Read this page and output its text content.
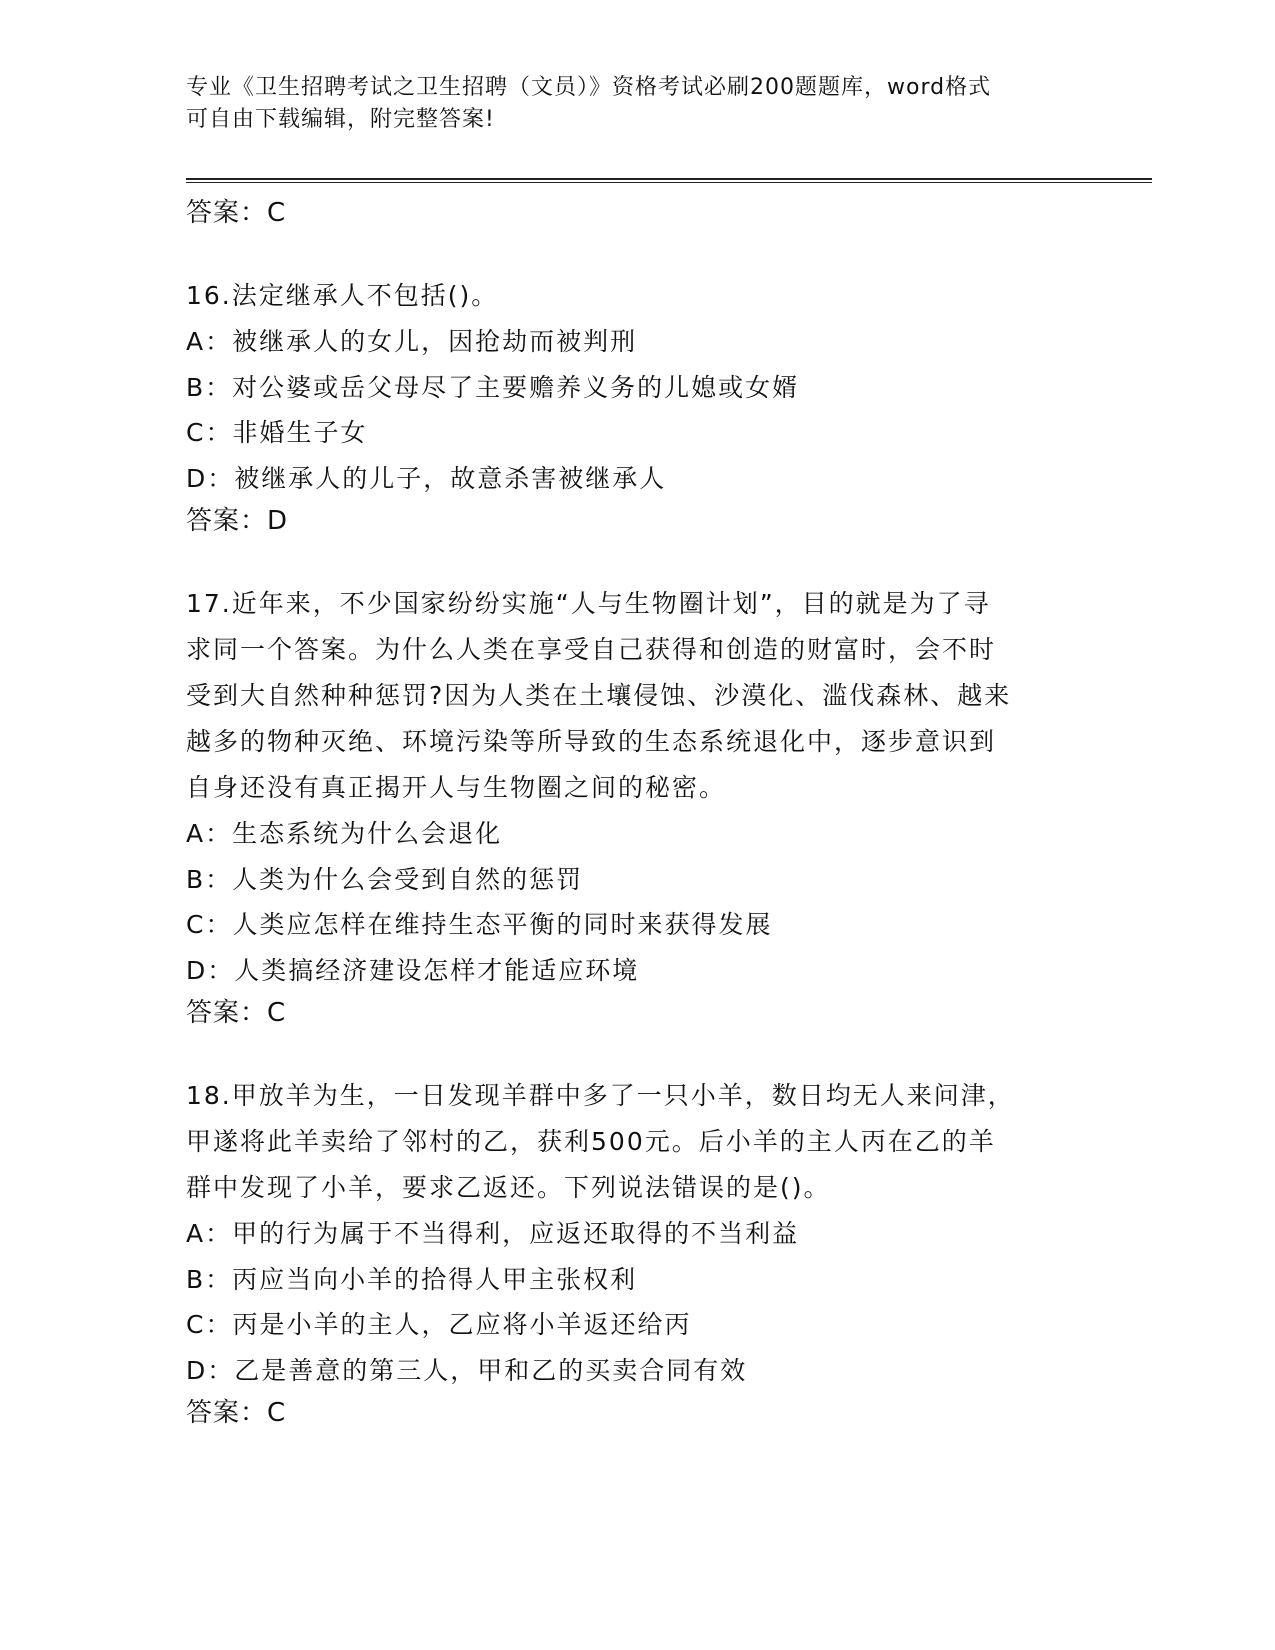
专业《卫生招聘考试之卫生招聘（文员）》资格考试必刷200题题库，word格式
可自由下载编辑，附完整答案!

答案：C

16.法定继承人不包括()。

A：被继承人的女儿，因抢劫而被判刑

B：对公婆或岳父母尽了主要赡养义务的儿媳或女婿

C：非婚生子女

D：被继承人的儿子，故意杀害被继承人

答案：D

17.近年来，不少国家纷纷实施“人与生物圈计划”，目的就是为了寻

求同一个答案。为什么人类在享受自己获得和创造的财富时，会不时

受到大自然种种惩罚?因为人类在土壤侵蚀、沙漠化、滥伐森林、越来

越多的物种灭绝、环境污染等所导致的生态系统退化中，逐步意识到

自身还没有真正揭开人与生物圈之间的秘密。

A：生态系统为什么会退化

B：人类为什么会受到自然的惩罚

C：人类应怎样在维持生态平衡的同时来获得发展

D：人类搞经济建设怎样才能适应环境

答案：C

18.甲放羊为生，一日发现羊群中多了一只小羊，数日均无人来问津，

甲遂将此羊卖给了邻村的乙，获利500元。后小羊的主人丙在乙的羊

群中发现了小羊，要求乙返还。下列说法错误的是()。

A：甲的行为属于不当得利，应返还取得的不当利益

B：丙应当向小羊的拾得人甲主张权利

C：丙是小羊的主人，乙应将小羊返还给丙

D：乙是善意的第三人，甲和乙的买卖合同有效

答案：C
